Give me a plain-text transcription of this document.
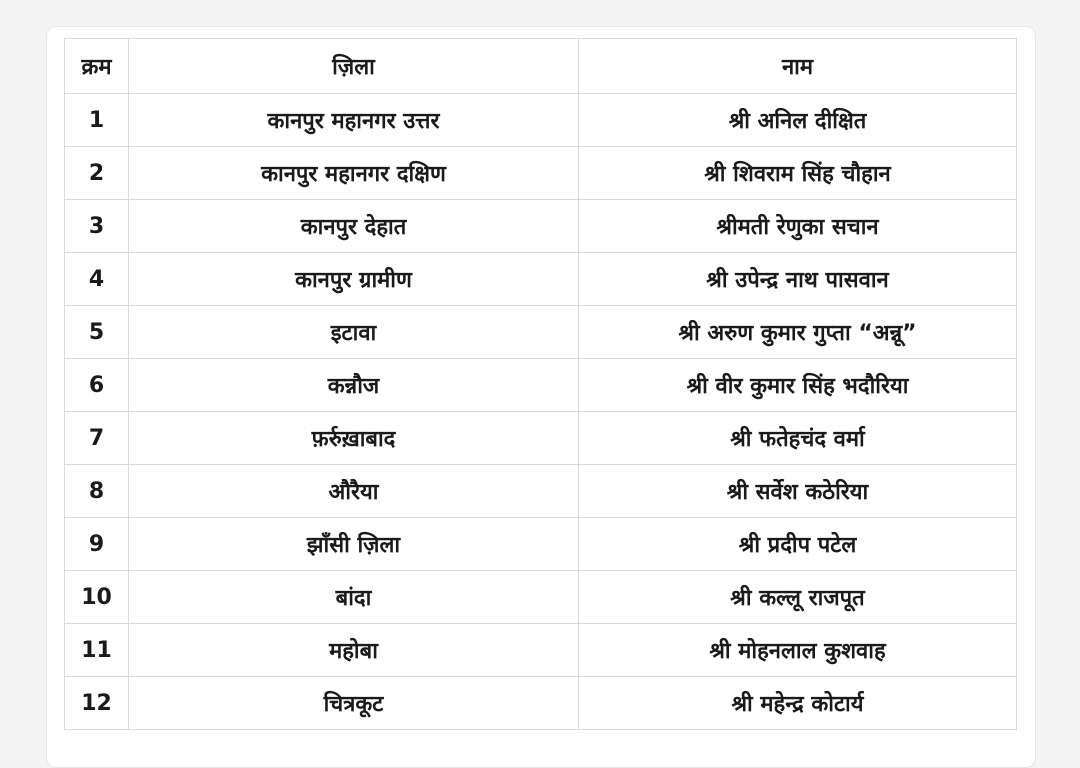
क्रम	ज़िला	नाम
1	कानपुर महानगर उत्तर	श्री अनिल दीक्षित
2	कानपुर महानगर दक्षिण	श्री शिवराम सिंह चौहान
3	कानपुर देहात	श्रीमती रेणुका सचान
4	कानपुर ग्रामीण	श्री उपेन्द्र नाथ पासवान
5	इटावा	श्री अरुण कुमार गुप्ता “अन्नू”
6	कन्नौज	श्री वीर कुमार सिंह भदौरिया
7	फ़र्रुख़ाबाद	श्री फतेहचंद वर्मा
8	औरैया	श्री सर्वेश कठेरिया
9	झाँसी ज़िला	श्री प्रदीप पटेल
10	बांदा	श्री कल्लू राजपूत
11	महोबा	श्री मोहनलाल कुशवाह
12	चित्रकूट	श्री महेन्द्र कोटार्य
